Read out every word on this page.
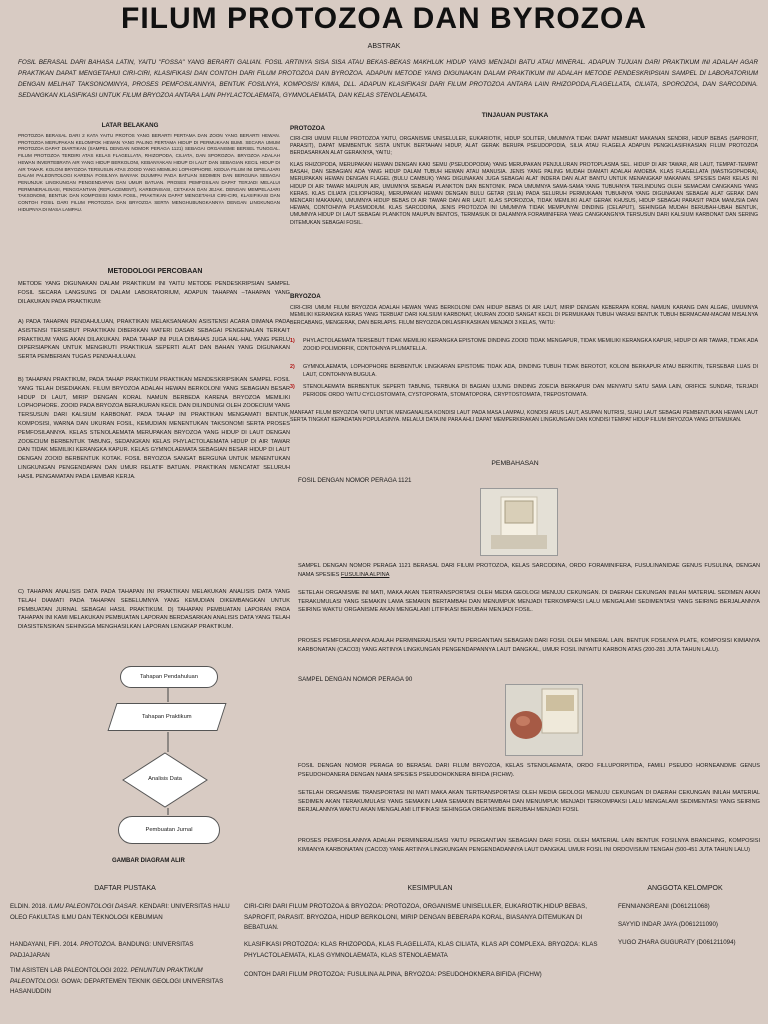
FILUM PROTOZOA DAN BYROZOA
ABSTRAK
FOSIL BERASAL DARI BAHASA LATIN, YAITU "FOSSA" YANG BERARTI GALIAN. FOSIL ARTINYA SISA SISA ATAU BEKAS-BEKAS MAKHLUK HIDUP YANG MENJADI BATU ATAU MINERAL. ADAPUN TUJUAN DARI PRAKTIKUM INI ADALAH AGAR PRAKTIKAN DAPAT MENGETAHUI CIRI-CIRI, KLASIFIKASI DAN CONTOH DARI FILUM PROTOZOA DAN BYROZOA. ADAPUN METODE YANG DIGUNAKAN DALAM PRAKTIKUM INI ADALAH METODE PENDESKRIPSIAN SAMPEL DI LABORATORIUM DENGAN MELIHAT TAKSONOMINYA, PROSES PEMFOSILANNYA, BENTUK FOSILNYA, KOMPOSISI KIMIA, DLL. ADAPUN KLASIFIKASI DARI FILUM PROTOZOA ANTARA LAIN RHIZOPODA,FLAGELLATA, CILIATA, SPOROZOA, DAN SARCODINA. SEDANGKAN KLASIFIKASI UNTUK FILUM BRYOZOA ANTARA LAIN PHYLACTOLAEMATA, GYMNOLAEMATA, DAN KELAS STENOLAEMATA.
LATAR BELAKANG
PROTOZOA BERASAL DARI 2 KATA YAITU PROTOS YANG BERARTI PERTAMA DAN ZOON YANG BERARTI HEWAN. PROTOZOA MERUPAKAN KELOMPOK HEWAN YANG PALING PERTAMA HIDUP DI PERMUKAAN BUMI. SECARA UMUM PROTOZOA DAPAT DIARTIKAN (SAMPEL DENGAN NOMOR PERAGA 1121) SEBAGAI ORGANISME BERSEL TUNGGAL. FILUM PROTOZOA TERDIRI ATAS KELAS FLAGELLATA, RHIZOPODA, CILIATA, DAN SPOROZOA. BRYOZOA ADALAH HEWAN INVERTEBRATA AIR YANG HIDUP BERKOLONI, KEBANYAKAN HIDUP DI LAUT DAN SEBAGIAN KECIL HIDUP DI AIR TAWAR. KOLONI BRYOZOA TERSUSUN ATAS ZOOID YANG MEMILIKI LOPHOPHORE. KEDUA FILUM INI DIPELAJARI DALAM PALEONTOLOGI KARENA FOSILNYA BANYAK DIJUMPAI PADA BATUAN SEDIMEN DAN BERGUNA SEBAGAI PENUNJUK LINGKUNGAN PENGENDAPAN DAN UMUR BATUAN. PROSES PEMFOSILAN DAPAT TERJADI MELALUI PERMINERALISASI, PENGGANTIAN (REPLACEMENT), KARBONISASI, CETAKAN DAN JEJAK. DENGAN MEMPELAJARI TAKSONOMI, BENTUK DAN KOMPOSISI KIMIA FOSIL, PRAKTIKAN DAPAT MENGETAHUI CIRI-CIRI, KLASIFIKASI DAN CONTOH FOSIL DARI FILUM PROTOZOA DAN BRYOZOA SERTA MENGHUBUNGKANNYA DENGAN LINGKUNGAN HIDUPNYA DI MASA LAMPAU.
METODOLOGI PERCOBAAN
METODE YANG DIGUNAKAN DALAM PRAKTIKUM INI YAITU METODE PENDESKRIPSIAN SAMPEL FOSIL SECARA LANGSUNG DI DALAM LABORATORIUM, ADAPUN TAHAPAN –TAHAPAN YANG DILAKUKAN PADA PRAKTIKUM:
A) PADA TAHAPAN PENDAHULUAN, PRAKTIKAN MELAKSANAKAN ASISTENSI ACARA DIMANA PADA ASISTENSI TERSEBUT PRAKTIKAN DIBERIKAN MATERI DASAR SEBAGAI PENGENALAN TERKAIT PRAKTIKUM YANG AKAN DILAKUKAN. PADA TAHAP INI PULA DIBAHAS JUGA HAL-HAL YANG PERLU DIPERSIAPKAN UNTUK MENGIKUTI PRAKTIKUA SEPERTI ALAT DAN BAHAN YANG DIGUNAKAN SERTA PEMBERIAN TUGAS PENDAHULUAN.
B) TAHAPAN PRAKTIKUM, PADA TAHAP PRAKTIKUM PRAKTIKAN MENDESKRIPSIKAN SAMPEL FOSIL YANG TELAH DISEDIAKAN. FILUM BRYOZOA ADALAH HEWAN BERKOLONI YANG SEBAGIAN BESAR HIDUP DI LAUT, MIRIP DENGAN KORAL NAMUN BERBEDA KARENA BRYOZOA MEMILIKI LOPHOPHORE. ZOOID PADA BRYOZOA BERUKURAN KECIL DAN DILINDUNGI OLEH ZOOECIUM YANG TERSUSUN DARI KALSIUM KARBONAT. PADA TAHAP INI PRAKTIKAN MENGAMATI BENTUK, KOMPOSISI, WARNA DAN UKURAN FOSIL, KEMUDIAN MENENTUKAN TAKSONOMI SERTA PROSES PEMFOSILANNYA. KELAS STENOLAEMATA MERUPAKAN BRYOZOA YANG HIDUP DI LAUT DENGAN ZOOECIUM BERBENTUK TABUNG, SEDANGKAN KELAS PHYLACTOLAEMATA HIDUP DI AIR TAWAR DAN TIDAK MEMILIKI KERANGKA KAPUR. KELAS GYMNOLAEMATA SEBAGIAN BESAR HIDUP DI LAUT DENGAN ZOOID BERBENTUK KOTAK. FOSIL BRYOZOA SANGAT BERGUNA UNTUK MENENTUKAN LINGKUNGAN PENGENDAPAN DAN UMUR RELATIF BATUAN. PRAKTIKAN MENCATAT SELURUH HASIL PENGAMATAN PADA LEMBAR KERJA.
C) TAHAPAN ANALISIS DATA PADA TAHAPAN INI PRAKTIKAN MELAKUKAN ANALISIS DATA YANG TELAH DIAMATI PADA TAHAPAN SEBELUMNYA YANG KEMUDIAN DIKEMBANGKAN UNTUK PEMBUATAN JURNAL SEBAGAI HASIL PRAKTIKUM. D) TAHAPAN PEMBUATAN LAPORAN PADA TAHAPAN INI KAMI MELAKUKAN PEMBUATAN LAPORAN BERDASARKAN ANALISIS DATA YANG TELAH DIASISTENSIKAN SEHINGGA MENGHASILKAN LAPORAN LENGKAP PRAKTIKUM.
Tahapan Pendahuluan
Tahapan Praktikum
Analisis Data
Pembuatan Jurnal
GAMBAR DIAGRAM ALIR
TINJAUAN PUSTAKA
PROTOZOA
CIRI-CIRI UMUM FILUM PROTOZOA YAITU, ORGANISME UNISELULER, EUKARIOTIK, HIDUP SOLITER, UMUMNYA TIDAK DAPAT MEMBUAT MAKANAN SENDIRI, HIDUP BEBAS (SAPROFIT, PARASIT), DAPAT MEMBENTUK SISTA UNTUK BERTAHAN HIDUP, ALAT GERAK BERUPA PSEUDOPODIA, SILIA ATAU FLAGELA ADAPUN PENGKLASIFIKASIAN FILUM PROTOZOA BERDASARKAN ALAT GERAKNYA, YAITU;
KLAS RHIZOPODA, MERUPAKAN HEWAN DENGAN KAKI SEMU (PSEUDOPODIA) YANG MERUPAKAN PENJULURAN PROTOPLASMA SEL. HIDUP DI AIR TAWAR, AIR LAUT, TEMPAT-TEMPAT BASAH, DAN SEBAGIAN ADA YANG HIDUP DALAM TUBUH HEWAN ATAU MANUSIA. JENIS YANG PALING MUDAH DIAMATI ADALAH AMOEBA. KLAS FLAGELLATA (MASTIGOPHORA), MERUPAKAN HEWAN DENGAN FLAGEL (BULU CAMBUK) YANG DIGUNAKAN JUGA SEBAGAI ALAT INDERA DAN ALAT BANTU UNTUK MENANGKAP MAKANAN. SPESIES DARI KELAS INI HIDUP DI AIR TAWAR MAUPUN AIR, UMUMNYA SEBAGAI PLANKTON DAN BENTONIK. PADA UMUMNYA SAMA-SAMA YANG TUBUHNYA TERLINDUNG OLEH SEMACAM CANGKANG YANG KERAS. KLAS CILIATA (CILIOPHORA), MERUPAKAN HEWAN DENGAN BULU GETAR (SILIA) PADA SELURUH PERMUKAAN TUBUHNYA YANG DIGUNAKAN SEBAGAI ALAT GERAK DAN MENCARI MAKANAN, UMUMNYA HIDUP BEBAS DI AIR TAWAR DAN AIR LAUT. KLAS SPOROZOA, TIDAK MEMILIKI ALAT GERAK KHUSUS, HIDUP SEBAGAI PARASIT PADA MANUSIA DAN HEWAN, CONTOHNYA PLASMODIUM. KLAS SARCODINA, JENIS PROTOZOA INI UMUMNYA TIDAK MEMPUNYAI DINDING (CELAPUT), SEHINGGA MUDAH BERUBAH-UBAH BENTUK, UMUMNYA HIDUP DI LAUT SEBAGAI PLANKTON MAUPUN BENTOS, TERMASUK DI DALAMNYA FORAMINIFERA YANG CANGKANGNYA TERSUSUN DARI KALSIUM KARBONAT DAN SERING DITEMUKAN SEBAGAI FOSIL.
BRYOZOA
CIRI-CIRI UMUM FILUM BRYOZOA ADALAH HEWAN YANG BERKOLONI DAN HIDUP BEBAS DI AIR LAUT, MIRIP DENGAN KEBERAPA KORAL NAMUN KARANG DAN ALGAE, UMUMNYA MEMILIKI KERANGKA KERAS YANG TERBUAT DARI KALSIUM KARBONAT, UKURAN ZOOID SANGAT KECIL DI PERMUKAAN TUBUH VARIASI BENTUK TUBUH BERMACAM-MACAM MISALNYA BERCABANG, MENGERAK, DAN BERLAPIS. FILUM BRYOZOA DIKLASIFIKASIKAN MENJADI 3 KELAS, YAITU:
1)	PHYLACTOLAEMATA TERSEBUT TIDAK MEMILIKI KERANGKA EPISTOME DINDING ZOOID TIDAK MENGAPUR, TIDAK MEMILIKI KERANGKA KAPUR, HIDUP DI AIR TAWAR, TIDAK ADA ZOOID POLIMORFIK, CONTOHNYA PLUMATELLA.
2)	GYMNOLAEMATA, LOPHOPHORE BERBENTUK LINGKARAN EPISTOME TIDAK ADA, DINDING TUBUH TIDAK BEROTOT, KOLONI BERKAPUR ATAU BERKITIN, TERSEBAR LUAS DI LAUT, CONTOHNYA BUGULA.
3)	STENOLAEMATA BERBENTUK SEPERTI TABUNG, TERBUKA DI BAGIAN UJUNG DINDING ZOECIA BERKAPUR DAN MENYATU SATU SAMA LAIN, ORIFICE SUNDAR, TERJADI PERIODE ORDO YAITU CYCLOSTOMATA, CYSTOPORATA, STOMATOPORA, CRYPTOSTOMATA, TREPOSTOMATA.
MANFAAT FILUM BRYOZOA YAITU UNTUK MENGANALISA KONDISI LAUT PADA MASA LAMPAU, KONDISI ARUS LAUT, ASUPAN NUTRISI, SUHU LAUT SEBAGAI PEMBENTUKAN HEWAN LAUT SERTA TINGKAT KEPADATAN POPULASINYA. MELALUI DATA INI PARA AHLI DAPAT MEMPERKIRAKAN LINGKUNGAN DAN KONDISI TEMPAT HIDUP FILUM BRYOZOA YANG DITEMUKAN.
PEMBAHASAN
FOSIL DENGAN NOMOR PERAGA 1121
SAMPEL DENGAN NOMOR PERAGA 1121 BERASAL DARI FILUM PROTOZOA, KELAS SARCODINA, ORDO FORAMINIFERA, FUSULINANIDAE GENUS FUSULINA, DENGAN NAMA SPESIES FUSULINA ALPINA
SETELAH ORGANISME INI MATI, MAKA AKAN TERTRANSPORTASI OLEH MEDIA GEOLOGI MENUJU CEKUNGAN. DI DAERAH CEKUNGAN INILAH MATERIAL SEDIMEN AKAN TERAKUMULASI YANG SEMAKIN LAMA SEMAKIN BERTAMBAH DAN MENUMPUK MENJADI TERKOMPAKSI LALU MENGALAMI SEDIMENTASI YANG SEIRING BERJALANNYA SEIRING WAKTU ORGANISME AKAN MENGALAMI LITIFIKASI BERUBAH MENJADI FOSIL.
PROSES PEMFOSILANNYA ADALAH PERMINERALISASI YAITU PERGANTIAN SEBAGIAN DARI FOSIL OLEH MINERAL LAIN. BENTUK FOSILNYA PLATE, KOMPOSISI KIMIANYA KARBONATAN (CACO3) YANG ARTINYA LINGKUNGAN PENGENDAPANNYA LAUT DANGKAL, UMUR FOSIL INIYAITU KARBON ATAS (200-281 JUTA TAHUN LALU).
SAMPEL DENGAN NOMOR PERAGA 90
FOSIL DENGAN NOMOR PERAGA 90 BERASAL DARI FILUM BRYOZOA, KELAS STENOLAEMATA, ORDO FILLUPORPITIDA, FAMILI PSEUDO HORNEANDME GENUS PSEUDOHOANERA DENGAN NAMA SPESIES PSEUDOHOKNERA BIFIDA (FICHW).
SETELAH ORGANISME TRANSPORTASI INI MATI MAKA AKAN TERTRANSPORTASI OLEH MEDIA GEOLOGI MENUJU CEKUNGAN DI DAERAH CEKUNGAN INILAH MATERIAL SEDIMEN AKAN TERAKUMULASI YANG SEMAKIN LAMA SEMAKIN BERTAMBAH DAN MENUMPUK MENJADI TERKOMPAKSI LALU MENGALAMI SEDIMENTASI YANG SEIRING BERJALANNYA WAKTU AKAN MENGALAMI LITIFIKASI SEHINGGA ORGANISME BERUBAH MENJADI FOSIL
PROSES PEMFOSILANNYA ADALAH PERMINERALISASI YAITU PERGANTIAN SEBAGIAN DARI FOSIL OLEH MATERIAL LAIN BENTUK FOSILNYA BRANCHING, KOMPOSISI KIMIANYA KARBONATAN (CACO3) YANE ARTINYA LINGKUNGAN PENGENDADANNYA LAUT DANGKAL UMUR FOSIL INI ORDOVISIUM TENGAH (500-451 JUTA TAHUN LALU)
DAFTAR PUSTAKA
ELDIN. 2018. ILMU PALEONTOLOGI DASAR. KENDARI: UNIVERSITAS HALU OLEO FAKULTAS ILMU DAN TEKNOLOGI KEBUMIAN
HANDAYANI, FIFI. 2014. PROTOZOA. BANDUNG: UNIVERSITAS PADJAJARAN
TIM ASISTEN LAB PALEONTOLOGI 2022. PENUNTUN PRAKTIKUM PALEONTOLOGI. GOWA: DEPARTEMEN TEKNIK GEOLOGI UNIVERSITAS HASANUDDIN
KESIMPULAN
CIRI-CIRI DARI FILUM PROTOZOA & BRYOZOA: PROTOZOA, ORGANISME UNISELULER, EUKARIOTIK,HIDUP BEBAS, SAPROFIT, PARASIT. BRYOZOA, HIDUP BERKOLONI, MIRIP DENGAN BEBERAPA KORAL, BIASANYA DITEMUKAN DI BEBATUAN.
KLASIFIKASI PROTOZOA: KLAS RHIZOPODA, KLAS FLAGELLATA, KLAS CILIATA, KLAS API COMPLEXA. BRYOZOA: KLAS PHYLACTOLAEMATA, KLAS GYMNOLAEMATA, KLAS STENOLAEMATA
CONTOH DARI FILUM PROTOZOA: FUSULINA ALPINA, BRYOZOA: PSEUDOHOKNERA BIFIDA (FICHW)
ANGGOTA KELOMPOK
FENNIANGREANI (D061211068)
SAYYID INDAR JAYA (D061211090)
YUGO ZHARA GUGURATY (D061211094)
